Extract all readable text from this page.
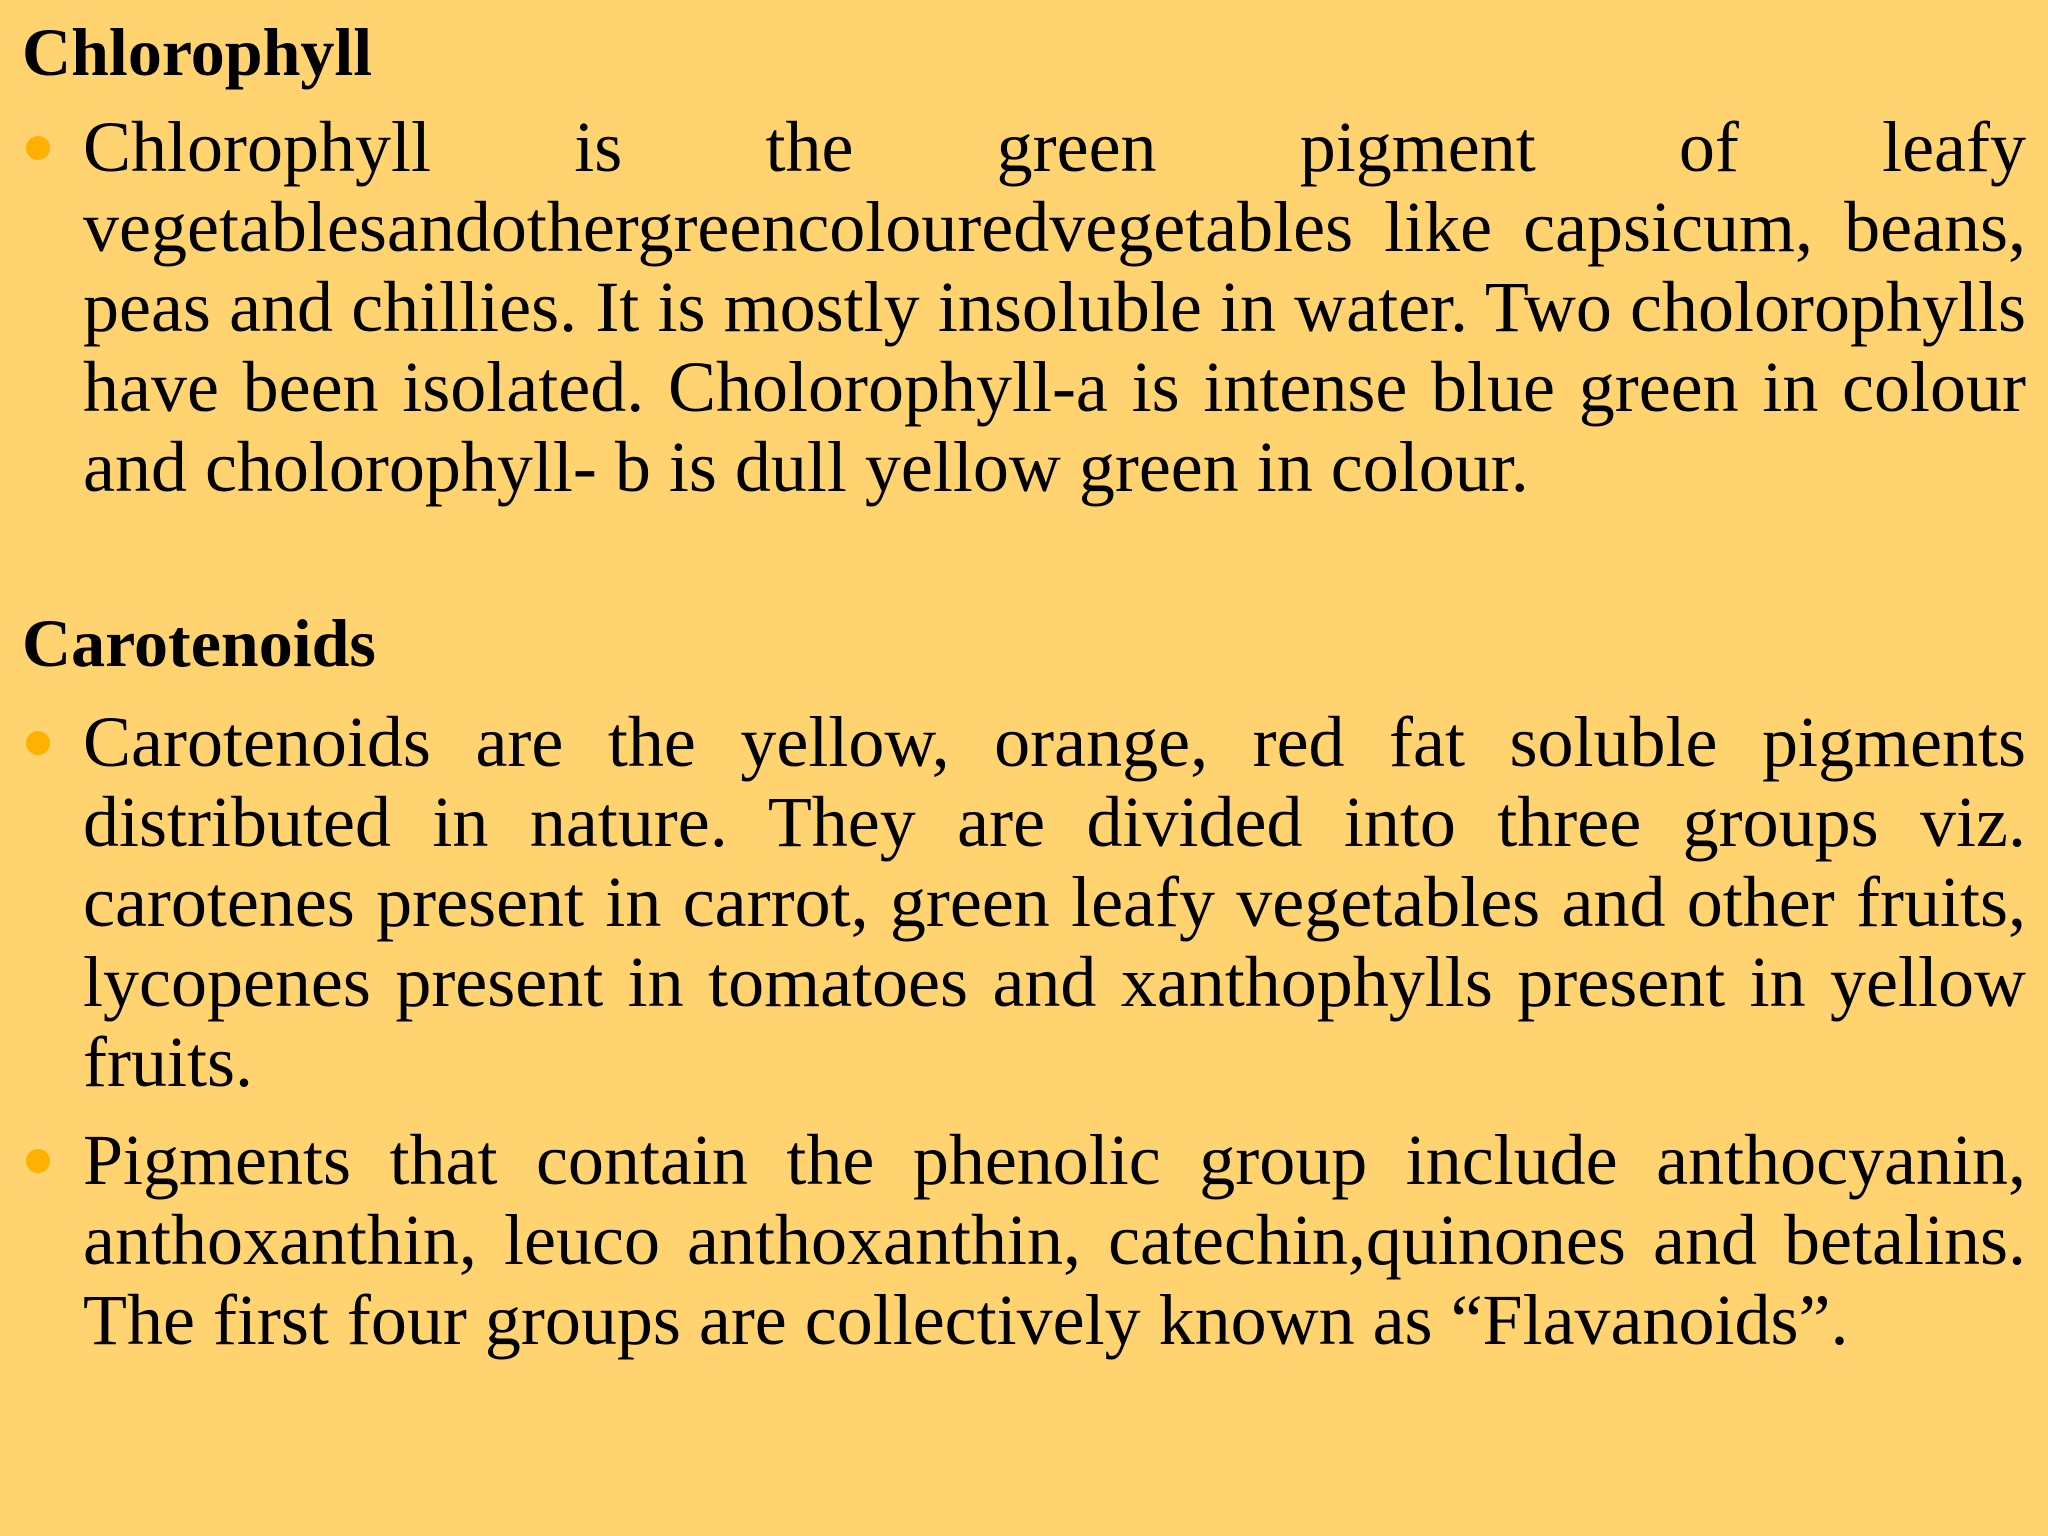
Chlorophyll

Chlorophyll is the green pigment of leafy vegetablesandothergreencolouredvegetables like capsicum, beans, peas and chillies. It is mostly insoluble in water. Two cholorophylls have been isolated. Cholorophyll-a is intense blue green in colour and cholorophyll- b is dull yellow green in colour.

Carotenoids

Carotenoids are the yellow, orange, red fat soluble pigments distributed in nature. They are divided into three groups viz. carotenes present in carrot, green leafy vegetables and other fruits, lycopenes present in tomatoes and xanthophylls present in yellow fruits.

Pigments that contain the phenolic group include anthocyanin, anthoxanthin, leuco anthoxanthin, catechin,quinones and betalins. The first four groups are collectively known as “Flavanoids”.
